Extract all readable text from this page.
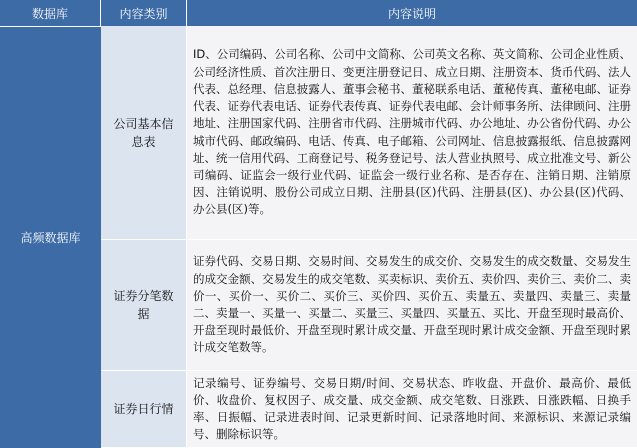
数据库	内容类别	内容说明
高频数据库
公司基本信息表
ID、公司编码、公司名称、公司中文简称、公司英文名称、英文简称、公司企业性质、公司经济性质、首次注册日、变更注册登记日、成立日期、注册资本、货币代码、法人代表、总经理、信息披露人、董事会秘书、董秘联系电话、董秘传真、董秘电邮、证券代表、证券代表电话、证券代表传真、证券代表电邮、会计师事务所、法律顾问、注册地址、注册国家代码、注册省市代码、注册城市代码、办公地址、办公省份代码、办公城市代码、邮政编码、电话、传真、电子邮箱、公司网址、信息披露报纸、信息披露网址、统一信用代码、工商登记号、税务登记号、法人营业执照号、成立批准文号、新公司编码、证监会一级行业代码、证监会一级行业名称、是否存在、注销日期、注销原因、注销说明、股份公司成立日期、注册县(区)代码、注册县(区)、办公县(区)代码、办公县(区)等。
证券分笔数据
证券代码、交易日期、交易时间、交易发生的成交价、交易发生的成交数量、交易发生的成交金额、交易发生的成交笔数、买卖标识、卖价五、卖价四、卖价三、卖价二、卖价一、买价一、买价二、买价三、买价四、买价五、卖量五、卖量四、卖量三、卖量二、卖量一、买量一、买量二、买量三、买量四、买量五、买比、开盘至现时最高价、开盘至现时最低价、开盘至现时累计成交量、开盘至现时累计成交金额、开盘至现时累计成交笔数等。
证券日行情
记录编号、证券编号、交易日期/时间、交易状态、昨收盘、开盘价、最高价、最低价、收盘价、复权因子、成交量、成交金额、成交笔数、日涨跌、日涨跌幅、日换手率、日振幅、记录进表时间、记录更新时间、记录落地时间、来源标识、来源记录编号、删除标识等。
